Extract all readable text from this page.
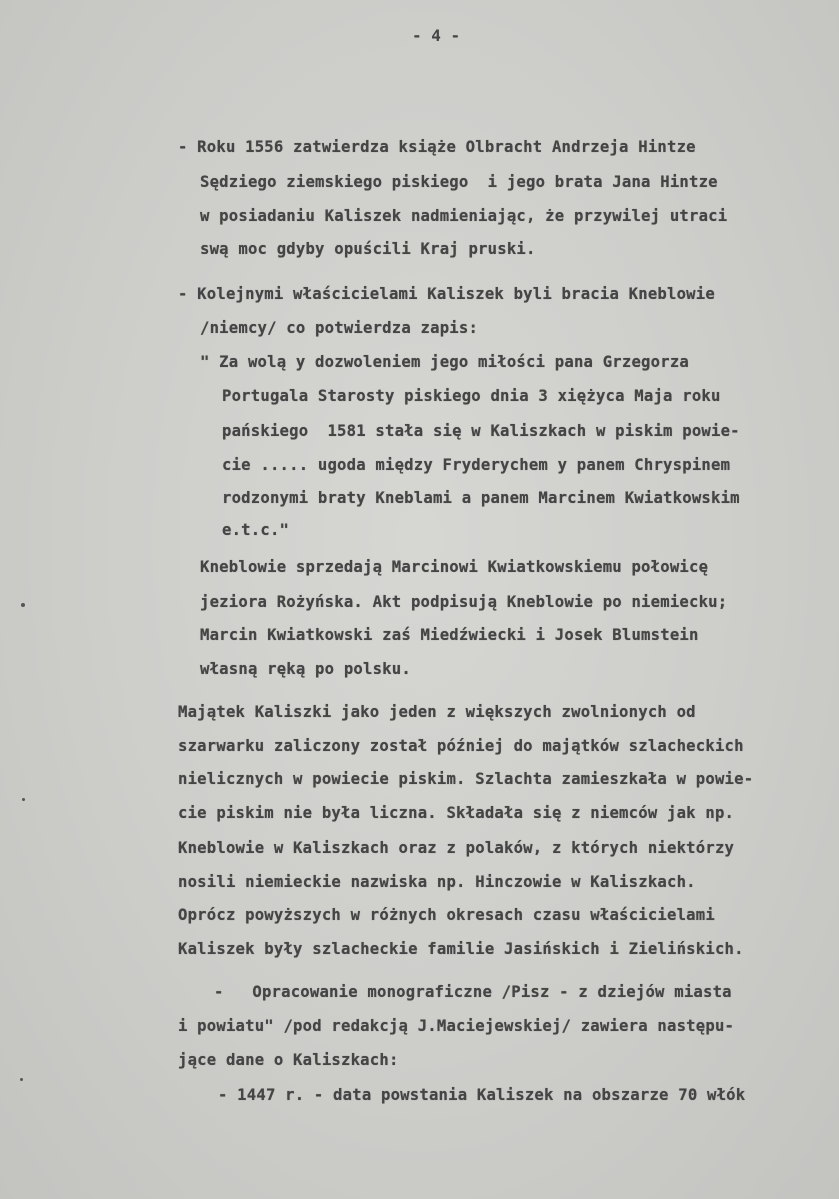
- 4 -
- Roku 1556 zatwierdza książe Olbracht Andrzeja Hintze
Sędziego ziemskiego piskiego  i jego brata Jana Hintze
w posiadaniu Kaliszek nadmieniając, że przywilej utraci
swą moc gdyby opuścili Kraj pruski.
- Kolejnymi właścicielami Kaliszek byli bracia Kneblowie
/niemcy/ co potwierdza zapis:
" Za wolą y dozwoleniem jego miłości pana Grzegorza
Portugala Starosty piskiego dnia 3 xiężyca Maja roku
pańskiego  1581 stała się w Kaliszkach w piskim powie-
cie ..... ugoda między Fryderychem y panem Chryspinem
rodzonymi braty Kneblami a panem Marcinem Kwiatkowskim
e.t.c."
Kneblowie sprzedają Marcinowi Kwiatkowskiemu połowicę
jeziora Rożyńska. Akt podpisują Kneblowie po niemiecku;
Marcin Kwiatkowski zaś Miedźwiecki i Josek Blumstein
własną ręką po polsku.
Majątek Kaliszki jako jeden z większych zwolnionych od
szarwarku zaliczony został później do majątków szlacheckich
nielicznych w powiecie piskim. Szlachta zamieszkała w powie-
cie piskim nie była liczna. Składała się z niemców jak np.
Kneblowie w Kaliszkach oraz z polaków, z których niektórzy
nosili niemieckie nazwiska np. Hinczowie w Kaliszkach.
Oprócz powyższych w różnych okresach czasu właścicielami
Kaliszek były szlacheckie familie Jasińskich i Zielińskich.
-   Opracowanie monograficzne /Pisz - z dziejów miasta
i powiatu" /pod redakcją J.Maciejewskiej/ zawiera następu-
jące dane o Kaliszkach:
- 1447 r. - data powstania Kaliszek na obszarze 70 włók
